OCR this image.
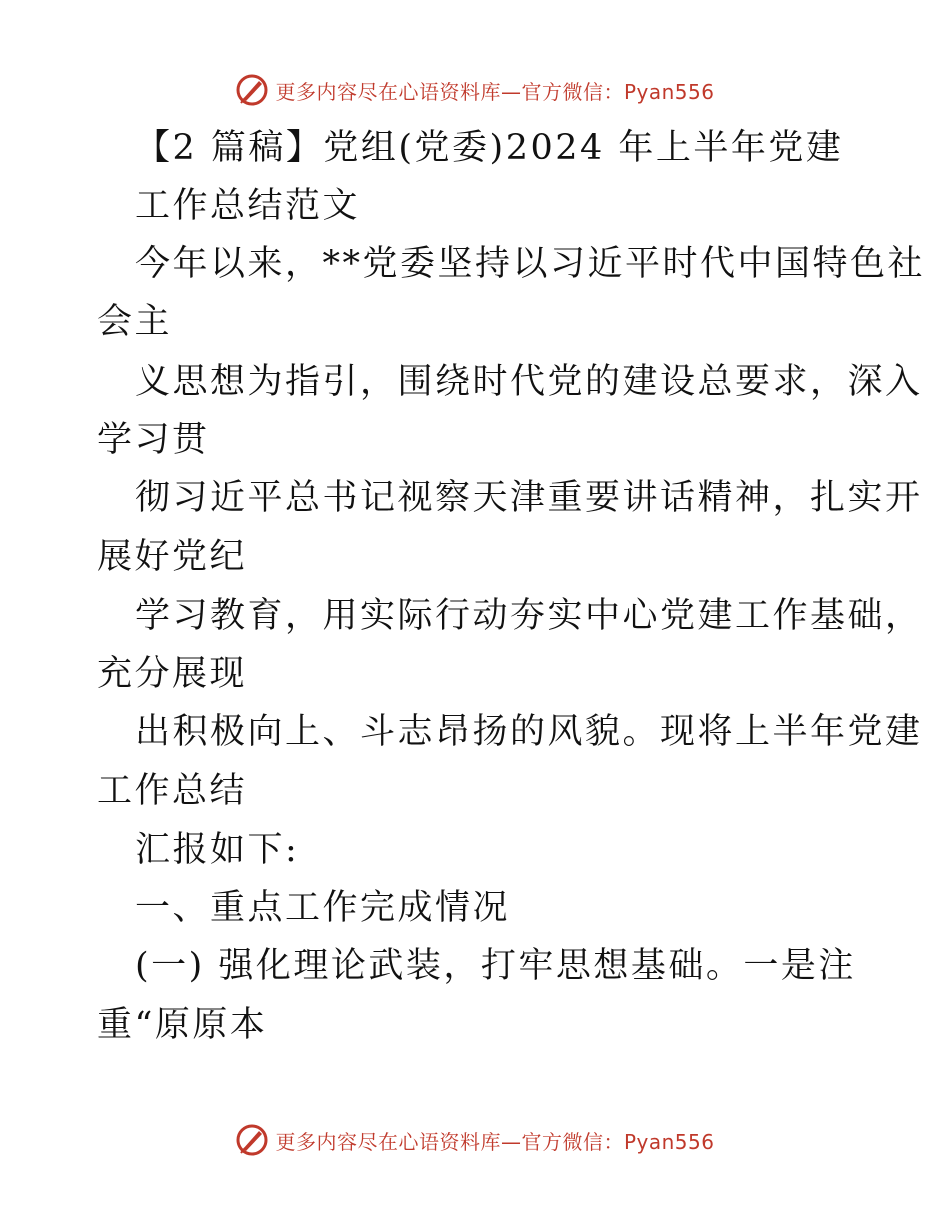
更多内容尽在心语资料库—官方微信：Pyan556

【2 篇稿】党组(党委)2024 年上半年党建

工作总结范文

今年以来，**党委坚持以习近平时代中国特色社

会主

义思想为指引，围绕时代党的建设总要求，深入

学习贯

彻习近平总书记视察天津重要讲话精神，扎实开

展好党纪

学习教育，用实际行动夯实中心党建工作基础，

充分展现

出积极向上、斗志昂扬的风貌。现将上半年党建

工作总结

汇报如下:

一、重点工作完成情况

(一) 强化理论武装，打牢思想基础。一是注

重“原原本

更多内容尽在心语资料库—官方微信：Pyan556
